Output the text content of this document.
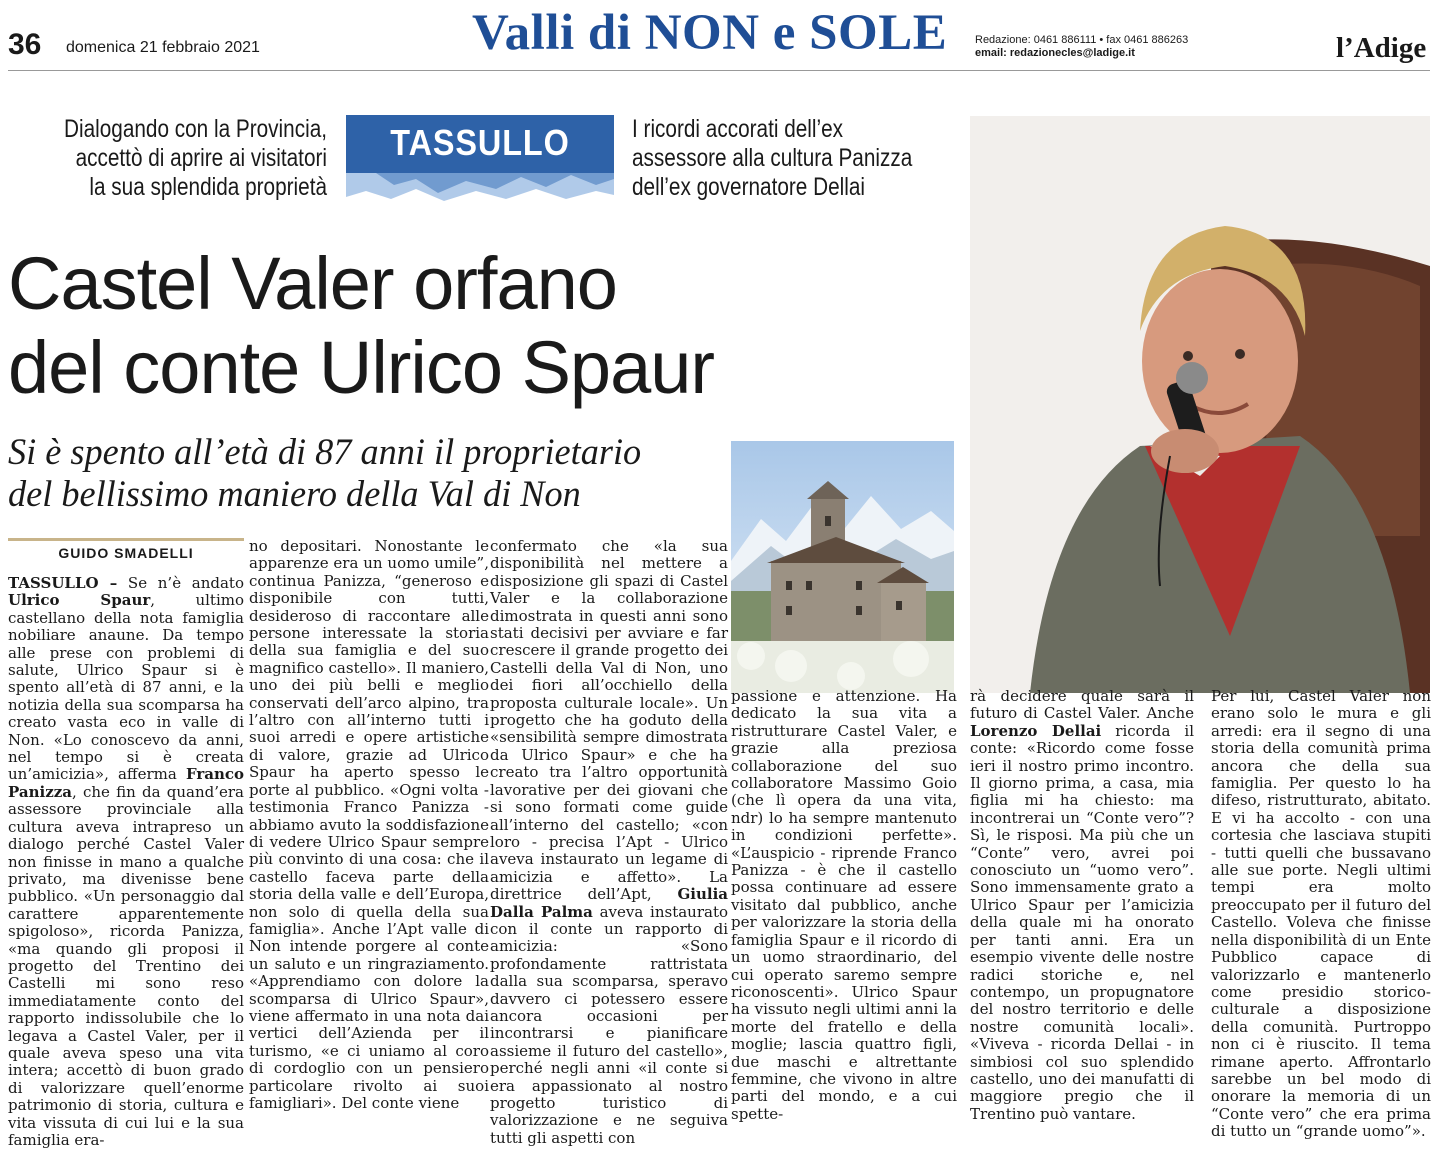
36 domenica 21 febbraio 2021	Valli di NON e SOLE	Redazione: 0461 886111 • fax 0461 886263
email: redazionecles@ladige.it	l’Adige
Dialogando con la Provincia, accettò di aprire ai visitatori la sua splendida proprietà
TASSULLO	I ricordi accorati dell’ex assessore alla cultura Panizza dell’ex governatore Dellai
Castel Valer orfano
del conte Ulrico Spaur
Si è spento all’età di 87 anni il proprietario
del bellissimo maniero della Val di Non
GUIDO SMADELLI

TASSULLO – Se n’è andato Ulrico Spaur, ultimo castellano della nota famiglia nobiliare anaune. Da tempo alle prese con problemi di salute, Ulrico Spaur si è spento all’età di 87 anni, e la notizia della sua scomparsa ha creato vasta eco in valle di Non. «Lo conoscevo da anni, nel tempo si è creata un’amicizia», afferma Franco Panizza, che fin da quand’era assessore provinciale alla cultura aveva intrapreso un dialogo perché Castel Valer non finisse in mano a qualche privato, ma divenisse bene pubblico. «Un personaggio dal carattere apparentemente spigoloso», ricorda Panizza, «ma quando gli proposi il progetto del Trentino dei Castelli mi sono reso immediatamente conto del rapporto indissolubile che lo legava a Castel Valer, per il quale aveva speso una vita intera; accettò di buon grado di valorizzare quell’enorme patrimonio di storia, cultura e vita vissuta di cui lui e la sua famiglia era-

no depositari. Nonostante le apparenze era un uomo umile”, continua Panizza, “generoso e disponibile con tutti, desideroso di raccontare alle persone interessate la storia della sua famiglia e del suo magnifico castello». Il maniero, uno dei più belli e meglio conservati dell’arco alpino, tra l’altro con all’interno tutti i suoi arredi e opere artistiche di valore, grazie ad Ulrico Spaur ha aperto spesso le porte al pubblico. «Ogni volta - testimonia Franco Panizza - abbiamo avuto la soddisfazione di vedere Ulrico Spaur sempre più convinto di una cosa: che il castello faceva parte della storia della valle e dell’Europa, non solo di quella della sua famiglia». Anche l’Apt valle di Non intende porgere al conte un saluto e un ringraziamento. «Apprendiamo con dolore la scomparsa di Ulrico Spaur», viene affermato in una nota dai vertici dell’Azienda per il turismo, «e ci uniamo al coro di cordoglio con un pensiero particolare rivolto ai suoi famigliari». Del conte viene

confermato che «la sua disponibilità nel mettere a disposizione gli spazi di Castel Valer e la collaborazione dimostrata in questi anni sono stati decisivi per avviare e far crescere il grande progetto dei Castelli della Val di Non, uno dei fiori all’occhiello della proposta culturale locale». Un progetto che ha goduto della «sensibilità sempre dimostrata da Ulrico Spaur» e che ha creato tra l’altro opportunità lavorative per dei giovani che si sono formati come guide all’interno del castello; «con loro - precisa l’Apt - Ulrico aveva instaurato un legame di amicizia e affetto». La direttrice dell’Apt, Giulia Dalla Palma aveva instaurato con il conte un rapporto di amicizia: «Sono profondamente rattristata dalla sua scomparsa, speravo davvero ci potessero essere ancora occasioni per incontrarsi e pianificare assieme il futuro del castello», perché negli anni «il conte si era appassionato al nostro progetto turistico di valorizzazione e ne seguiva tutti gli aspetti con

passione e attenzione. Ha dedicato la sua vita a ristrutturare Castel Valer, e grazie alla preziosa collaborazione del suo collaboratore Massimo Goio (che lì opera da una vita, ndr) lo ha sempre mantenuto in condizioni perfette». «L’auspicio - riprende Franco Panizza - è che il castello possa continuare ad essere visitato dal pubblico, anche per valorizzare la storia della famiglia Spaur e il ricordo di un uomo straordinario, del cui operato saremo sempre riconoscenti». Ulrico Spaur ha vissuto negli ultimi anni la morte del fratello e della moglie; lascia quattro figli, due maschi e altrettante femmine, che vivono in altre parti del mondo, e a cui spette-

rà decidere quale sarà il futuro di Castel Valer. Anche Lorenzo Dellai ricorda il conte: «Ricordo come fosse ieri il nostro primo incontro. Il giorno prima, a casa, mia figlia mi ha chiesto: ma incontrerai un “Conte vero”? Sì, le risposi. Ma più che un “Conte” vero, avrei poi conosciuto un “uomo vero”. Sono immensamente grato a Ulrico Spaur per l’amicizia della quale mi ha onorato per tanti anni. Era un esempio vivente delle nostre radici storiche e, nel contempo, un propugnatore del nostro territorio e delle nostre comunità locali». «Viveva - ricorda Dellai - in simbiosi col suo splendido castello, uno dei manufatti di maggiore pregio che il Trentino può vantare.

Per lui, Castel Valer non erano solo le mura e gli arredi: era il segno di una storia della comunità prima ancora che della sua famiglia. Per questo lo ha difeso, ristrutturato, abitato. E vi ha accolto - con una cortesia che lasciava stupiti - tutti quelli che bussavano alle sue porte. Negli ultimi tempi era molto preoccupato per il futuro del Castello. Voleva che finisse nella disponibilità di un Ente Pubblico capace di valorizzarlo e mantenerlo come presidio storico-culturale a disposizione della comunità. Purtroppo non ci è riuscito. Il tema rimane aperto. Affrontarlo sarebbe un bel modo di onorare la memoria di un “Conte vero” che era prima di tutto un “grande uomo”».
